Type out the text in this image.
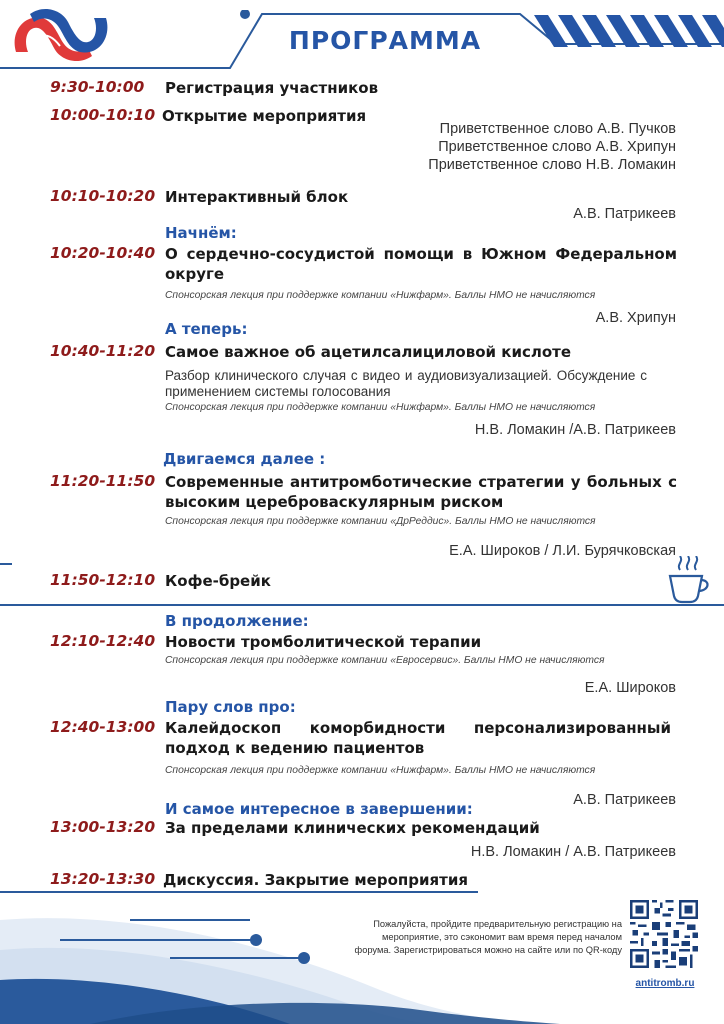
ПРОГРАММА
9:30-10:00	Регистрация участников
10:00-10:10 Открытие мероприятия
Приветственное слово А.В. Пучков
Приветственное слово А.В. Хрипун
Приветственное слово Н.В. Ломакин
10:10-10:20 Интерактивный блок
А.В. Патрикеев
Начнём:
10:20-10:40 О сердечно-сосудистой помощи в Южном Федеральном округе
Спонсорская лекция при поддержке компании «Нижфарм». Баллы НМО не начисляются
А.В. Хрипун
А теперь:
10:40-11:20 Самое важное об ацетилсалициловой кислоте
Разбор клинического случая с видео и аудиовизуализацией. Обсуждение с применением системы голосования
Спонсорская лекция при поддержке компании «Нижфарм». Баллы НМО не начисляются
Н.В. Ломакин /А.В. Патрикеев
Двигаемся далее :
11:20-11:50 Современные антитромботические стратегии у больных с высоким цереброваскулярным риском
Спонсорская лекция при поддержке компании «ДрРеддис». Баллы НМО не начисляются
Е.А. Широков / Л.И. Бурячковская
11:50-12:10 Кофе-брейк
В продолжение:
12:10-12:40 Новости тромболитической терапии
Спонсорская лекция при поддержке компании «Евросервис». Баллы НМО не начисляются
Е.А. Широков
Пару слов про:
12:40-13:00 Калейдоскоп коморбидности персонализированный подход к ведению пациентов
Спонсорская лекция при поддержке компании «Нижфарм». Баллы НМО не начисляются
А.В. Патрикеев
И самое интересное в завершении:
13:00-13:20 За пределами клинических рекомендаций
Н.В. Ломакин / А.В. Патрикеев
13:20-13:30 Дискуссия. Закрытие мероприятия
Пожалуйста, пройдите предварительную регистрацию на мероприятие, это сэкономит вам время перед началом форума. Зарегистрироваться можно на сайте или по QR-коду
antitromb.ru
